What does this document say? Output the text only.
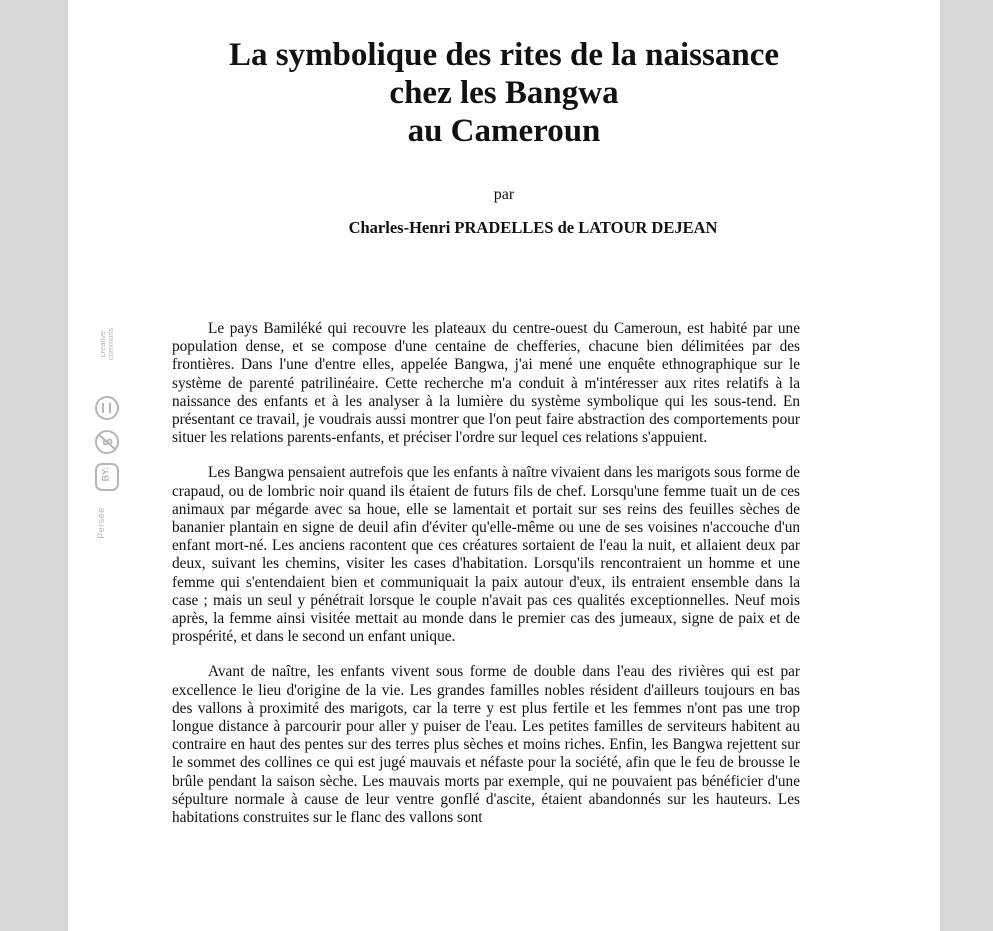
La symbolique des rites de la naissance
chez les Bangwa
au Cameroun
par
Charles-Henri PRADELLES de LATOUR DEJEAN

Le pays Bamiléké qui recouvre les plateaux du centre-ouest du Cameroun, est habité par une population dense, et se compose d'une centaine de chefferies, chacune bien délimitées par des frontières. Dans l'une d'entre elles, appelée Bangwa, j'ai mené une enquête ethnographique sur le système de parenté patrilinéaire. Cette recherche m'a conduit à m'intéresser aux rites relatifs à la naissance des enfants et à les analyser à la lumière du système symbolique qui les sous-tend. En présentant ce travail, je voudrais aussi montrer que l'on peut faire abstraction des comportements pour situer les relations parents-enfants, et préciser l'ordre sur lequel ces relations s'appuient.

Les Bangwa pensaient autrefois que les enfants à naître vivaient dans les marigots sous forme de crapaud, ou de lombric noir quand ils étaient de futurs fils de chef. Lorsqu'une femme tuait un de ces animaux par mégarde avec sa houe, elle se lamentait et portait sur ses reins des feuilles sèches de bananier plantain en signe de deuil afin d'éviter qu'elle-même ou une de ses voisines n'accouche d'un enfant mort-né. Les anciens racontent que ces créatures sortaient de l'eau la nuit, et allaient deux par deux, suivant les chemins, visiter les cases d'habitation. Lorsqu'ils rencontraient un homme et une femme qui s'entendaient bien et communiquait la paix autour d'eux, ils entraient ensemble dans la case ; mais un seul y pénétrait lorsque le couple n'avait pas ces qualités exceptionnelles. Neuf mois après, la femme ainsi visitée mettait au monde dans le premier cas des jumeaux, signe de paix et de prospérité, et dans le second un enfant unique.

Avant de naître, les enfants vivent sous forme de double dans l'eau des rivières qui est par excellence le lieu d'origine de la vie. Les grandes familles nobles résident d'ailleurs toujours en bas des vallons à proximité des marigots, car la terre y est plus fertile et les femmes n'ont pas une trop longue distance à parcourir pour aller y puiser de l'eau. Les petites familles de serviteurs habitent au contraire en haut des pentes sur des terres plus sèches et moins riches. Enfin, les Bangwa rejettent sur le sommet des collines ce qui est jugé mauvais et néfaste pour la société, afin que le feu de brousse le brûle pendant la saison sèche. Les mauvais morts par exemple, qui ne pouvaient pas bénéficier d'une sépulture normale à cause de leur ventre gonflé d'ascite, étaient abandonnés sur les hauteurs. Les habitations construites sur le flanc des vallons sont

creative
commons
$
BY:
Persée
